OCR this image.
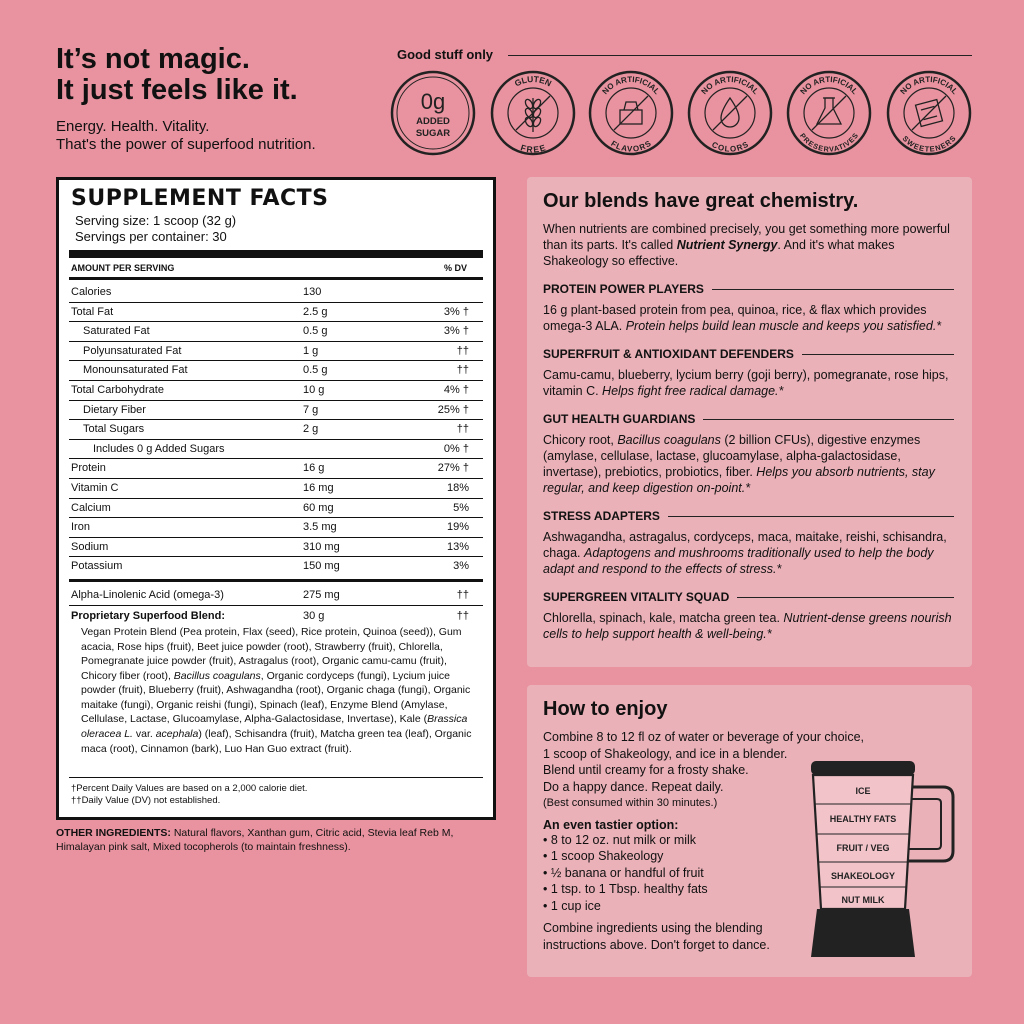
It’s not magic.
It just feels like it.
Energy. Health. Vitality.
That's the power of superfood nutrition.
Good stuff only
0g
ADDED
SUGAR
GLUTEN
FREE
NO ARTIFICIAL
FLAVORS
NO ARTIFICIAL
COLORS
NO ARTIFICIAL
PRESERVATIVES
NO ARTIFICIAL
SWEETENERS
SUPPLEMENT FACTS
Serving size: 1 scoop (32 g)
Servings per container: 30
AMOUNT PER SERVING	% DV
Calories	130
Total Fat	2.5 g	3% †
Saturated Fat	0.5 g	3% †
Polyunsaturated Fat	1 g	††
Monounsaturated Fat	0.5 g	††
Total Carbohydrate	10 g	4% †
Dietary Fiber	7 g	25% †
Total Sugars	2 g	††
Includes 0 g Added Sugars	0% †
Protein	16 g	27% †
Vitamin C	16 mg	18%
Calcium	60 mg	5%
Iron	3.5 mg	19%
Sodium	310 mg	13%
Potassium	150 mg	3%
Alpha-Linolenic Acid (omega-3)	275 mg	††
Proprietary Superfood Blend:	30 g	††
Vegan Protein Blend (Pea protein, Flax (seed), Rice protein, Quinoa (seed)), Gum acacia, Rose hips (fruit), Beet juice powder (root), Strawberry (fruit), Chlorella, Pomegranate juice powder (fruit), Astragalus (root), Organic camu-camu (fruit), Chicory fiber (root), Bacillus coagulans, Organic cordyceps (fungi), Lycium juice powder (fruit), Blueberry (fruit), Ashwagandha (root), Organic chaga (fungi), Organic maitake (fungi), Organic reishi (fungi), Spinach (leaf), Enzyme Blend (Amylase, Cellulase, Lactase, Glucoamylase, Alpha-Galactosidase, Invertase), Kale (Brassica oleracea L. var. acephala) (leaf), Schisandra (fruit), Matcha green tea (leaf), Organic maca (root), Cinnamon (bark), Luo Han Guo extract (fruit).
†Percent Daily Values are based on a 2,000 calorie diet.
††Daily Value (DV) not established.
OTHER INGREDIENTS: Natural flavors, Xanthan gum, Citric acid, Stevia leaf Reb M, Himalayan pink salt, Mixed tocopherols (to maintain freshness).
Our blends have great chemistry.
When nutrients are combined precisely, you get something more powerful than its parts. It's called Nutrient Synergy. And it's what makes Shakeology so effective.
PROTEIN POWER PLAYERS
16 g plant-based protein from pea, quinoa, rice, & flax which provides omega-3 ALA. Protein helps build lean muscle and keeps you satisfied.*
SUPERFRUIT & ANTIOXIDANT DEFENDERS
Camu-camu, blueberry, lycium berry (goji berry), pomegranate, rose hips, vitamin C. Helps fight free radical damage.*
GUT HEALTH GUARDIANS
Chicory root, Bacillus coagulans (2 billion CFUs), digestive enzymes (amylase, cellulase, lactase, glucoamylase, alpha-galactosidase, invertase), prebiotics, probiotics, fiber. Helps you absorb nutrients, stay regular, and keep digestion on-point.*
STRESS ADAPTERS
Ashwagandha, astragalus, cordyceps, maca, maitake, reishi, schisandra, chaga. Adaptogens and mushrooms traditionally used to help the body adapt and respond to the effects of stress.*
SUPERGREEN VITALITY SQUAD
Chlorella, spinach, kale, matcha green tea. Nutrient-dense greens nourish cells to help support health & well-being.*
How to enjoy
Combine 8 to 12 fl oz of water or beverage of your choice,
1 scoop of Shakeology, and ice in a blender.
Blend until creamy for a frosty shake.
Do a happy dance. Repeat daily.
(Best consumed within 30 minutes.)
An even tastier option:
• 8 to 12 oz. nut milk or milk
• 1 scoop Shakeology
• ½ banana or handful of fruit
• 1 tsp. to 1 Tbsp. healthy fats
• 1 cup ice
Combine ingredients using the blending
instructions above. Don't forget to dance.
ICE
HEALTHY FATS
FRUIT / VEG
SHAKEOLOGY
NUT MILK
